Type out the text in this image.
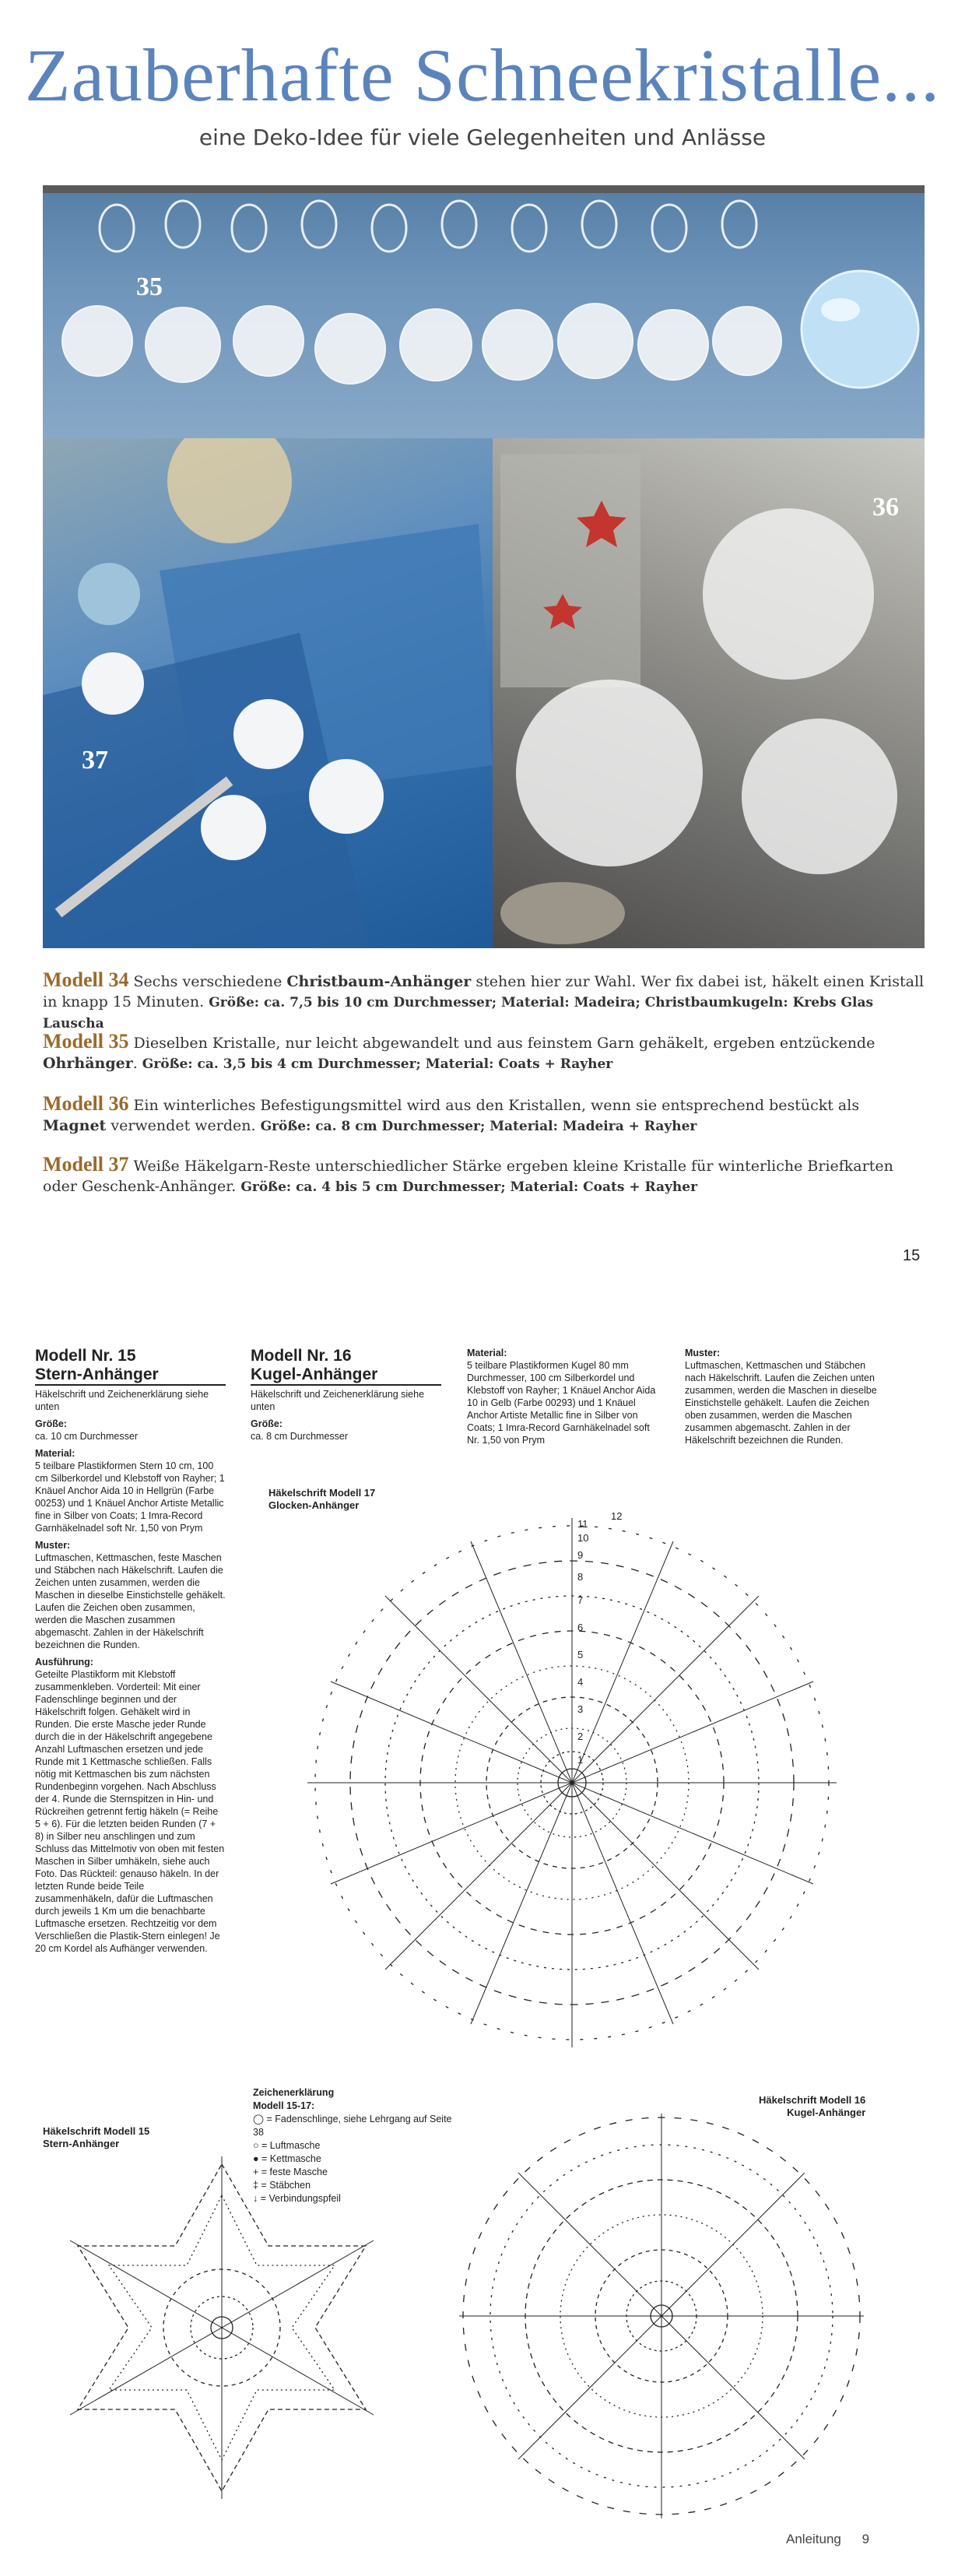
Zauberhafte Schneekristalle...
eine Deko-Idee für viele Gelegenheiten und Anlässe
35
37
36
Modell 34 Sechs verschiedene Christbaum-Anhänger stehen hier zur Wahl. Wer fix dabei ist, häkelt einen Kristall in knapp 15 Minuten. Größe: ca. 7,5 bis 10 cm Durchmesser; Material: Madeira; Christbaumkugeln: Krebs Glas Lauscha
Modell 35 Dieselben Kristalle, nur leicht abgewandelt und aus feinstem Garn gehäkelt, ergeben entzückende Ohrhänger. Größe: ca. 3,5 bis 4 cm Durchmesser; Material: Coats + Rayher
Modell 36 Ein winterliches Befestigungsmittel wird aus den Kristallen, wenn sie entsprechend bestückt als Magnet verwendet werden. Größe: ca. 8 cm Durchmesser; Material: Madeira + Rayher
Modell 37 Weiße Häkelgarn-Reste unterschiedlicher Stärke ergeben kleine Kristalle für winterliche Briefkarten oder Geschenk-Anhänger. Größe: ca. 4 bis 5 cm Durchmesser; Material: Coats + Rayher
15
Modell Nr. 15
Stern-Anhänger

Häkelschrift und Zeichenerklärung siehe unten

Größe:

ca. 10 cm Durchmesser

Material:

5 teilbare Plastikformen Stern 10 cm, 100 cm Silberkordel und Klebstoff von Rayher; 1 Knäuel Anchor Aida 10 in Hellgrün (Farbe 00253) und 1 Knäuel Anchor Artiste Metallic fine in Silber von Coats; 1 Imra-Record Garnhäkelnadel soft Nr. 1,50 von Prym

Muster:

Luftmaschen, Kettmaschen, feste Maschen und Stäbchen nach Häkelschrift. Laufen die Zeichen unten zusammen, werden die Maschen in dieselbe Einstichstelle gehäkelt. Laufen die Zeichen oben zusammen, werden die Maschen zusammen abgemascht. Zahlen in der Häkelschrift bezeichnen die Runden.

Ausführung:

Geteilte Plastikform mit Klebstoff zusammenkleben. Vorderteil: Mit einer Fadenschlinge beginnen und der Häkelschrift folgen. Gehäkelt wird in Runden. Die erste Masche jeder Runde durch die in der Häkelschrift angegebene Anzahl Luftmaschen ersetzen und jede Runde mit 1 Kettmasche schließen. Falls nötig mit Kettmaschen bis zum nächsten Rundenbeginn vorgehen. Nach Abschluss der 4. Runde die Sternspitzen in Hin- und Rückreihen getrennt fertig häkeln (= Reihe 5 + 6). Für die letzten beiden Runden (7 + 8) in Silber neu anschlingen und zum Schluss das Mittelmotiv von oben mit festen Maschen in Silber umhäkeln, siehe auch Foto. Das Rückteil: genauso häkeln. In der letzten Runde beide Teile zusammenhäkeln, dafür die Luftmaschen durch jeweils 1 Km um die benachbarte Luftmasche ersetzen. Rechtzeitig vor dem Verschließen die Plastik-Stern einlegen! Je 20 cm Kordel als Aufhänger verwenden.

Modell Nr. 16
Kugel-Anhänger

Häkelschrift und Zeichenerklärung siehe unten

Größe:

ca. 8 cm Durchmesser

Material:

5 teilbare Plastikformen Kugel 80 mm Durchmesser, 100 cm Silberkordel und Klebstoff von Rayher; 1 Knäuel Anchor Aida 10 in Gelb (Farbe 00293) und 1 Knäuel Anchor Artiste Metallic fine in Silber von Coats; 1 Imra-Record Garnhäkelnadel soft Nr. 1,50 von Prym

Muster:

Luftmaschen, Kettmaschen und Stäbchen nach Häkelschrift. Laufen die Zeichen unten zusammen, werden die Maschen in dieselbe Einstichstelle gehäkelt. Laufen die Zeichen oben zusammen, werden die Maschen zusammen abgemascht. Zahlen in der Häkelschrift bezeichnen die Runden.

Häkelschrift Modell 17
Glocken-Anhänger
1
2
3
4
5
6
7
8
9
10
11
12
Zeichenerklärung
Modell 15-17:
◯ = Fadenschlinge, siehe Lehrgang auf Seite 38
○ = Luftmasche
● = Kettmasche
+ = feste Masche
‡ = Stäbchen
↓ = Verbindungspfeil
Häkelschrift Modell 15
Stern-Anhänger
Häkelschrift Modell 16
Kugel-Anhänger
Anleitung 9
